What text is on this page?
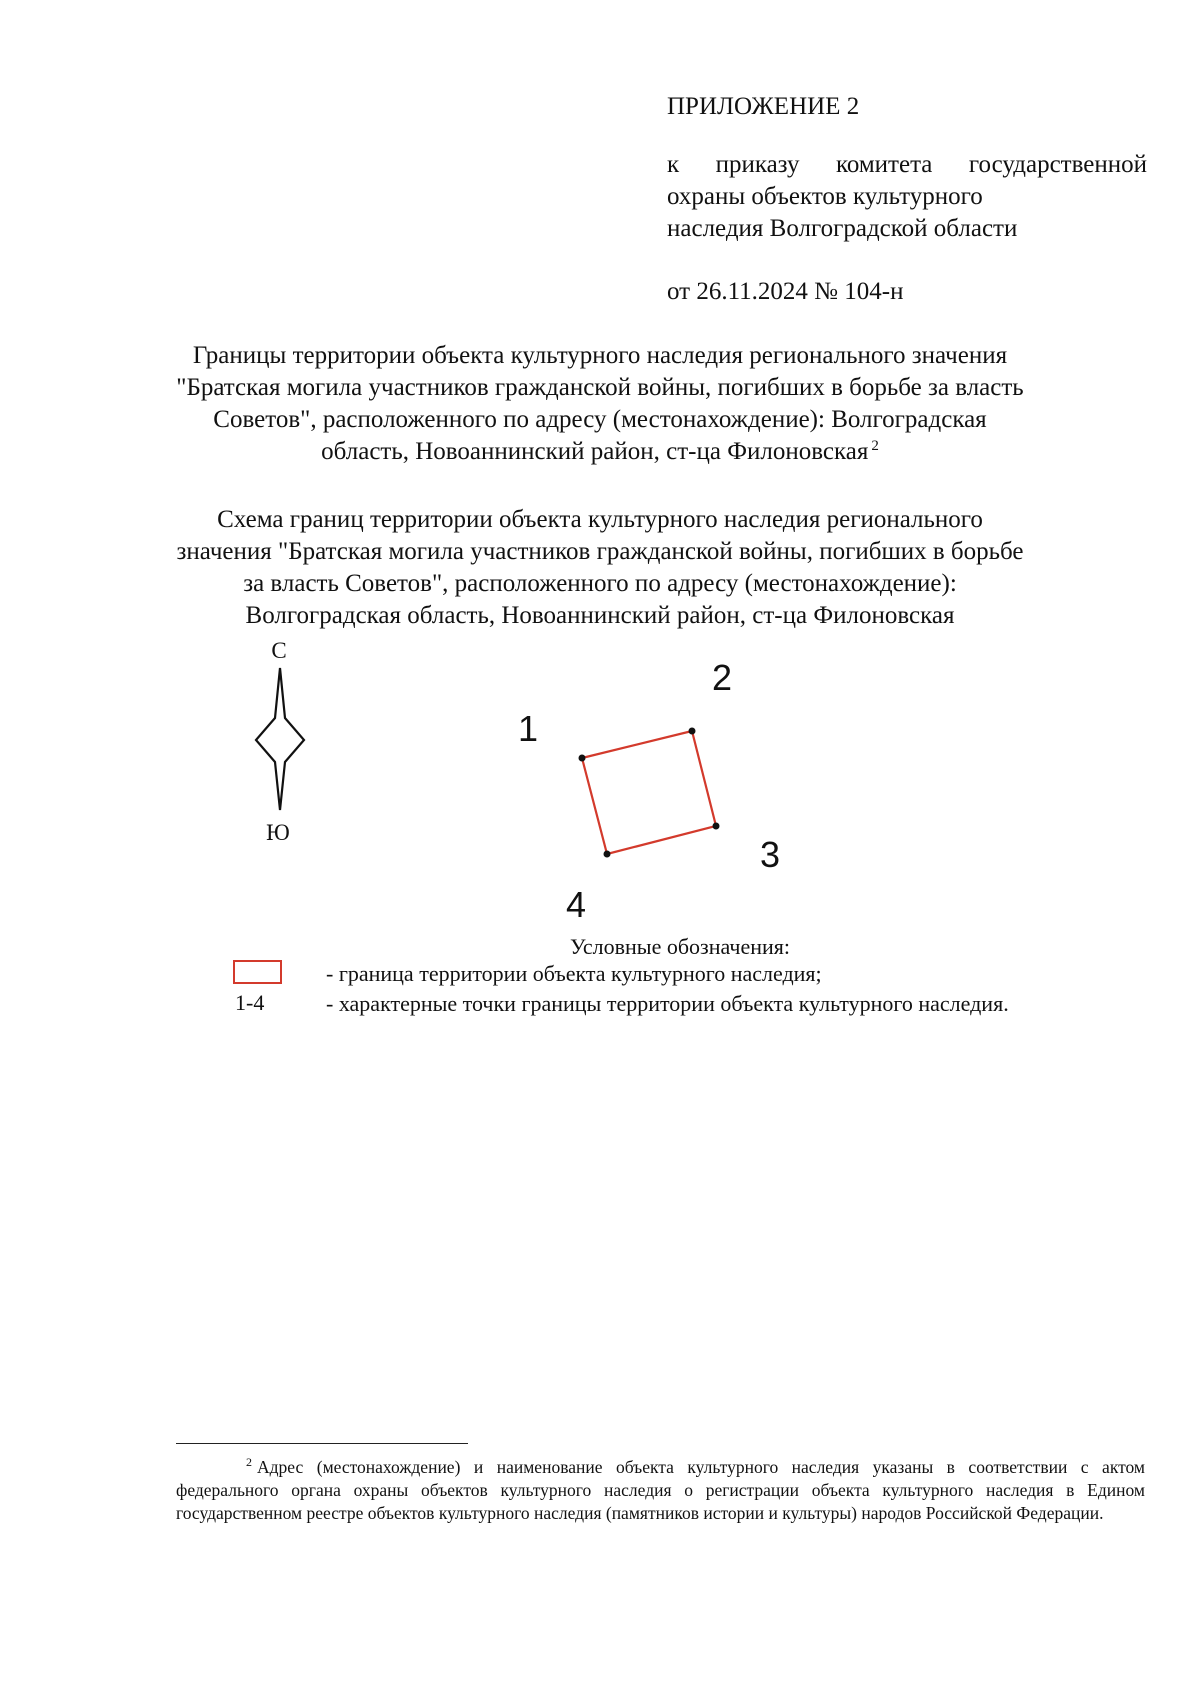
ПРИЛОЖЕНИЕ 2
к приказу комитета государственной
охраны объектов культурного
наследия Волгоградской области
от 26.11.2024 № 104-н
Границы территории объекта культурного наследия регионального значения
"Братская могила участников гражданской войны, погибших в борьбе за власть
Советов", расположенного по адресу (местонахождение): Волгоградская
область, Новоаннинский район, ст-ца Филоновская $^2$
Схема границ территории объекта культурного наследия регионального
значения "Братская могила участников гражданской войны, погибших в борьбе
за власть Советов", расположенного по адресу (местонахождение):
Волгоградская область, Новоаннинский район, ст-ца Филоновская
С
Ю
1
2
3
4
Условные обозначения:
- граница территории объекта культурного наследия;
1-4	- характерные точки границы территории объекта культурного наследия.
$^2$ Адрес (местонахождение) и наименование объекта культурного наследия указаны в соответствии с актом федерального органа охраны объектов культурного наследия о регистрации объекта культурного наследия в Едином государственном реестре объектов культурного наследия (памятников истории и культуры) народов Российской Федерации.
